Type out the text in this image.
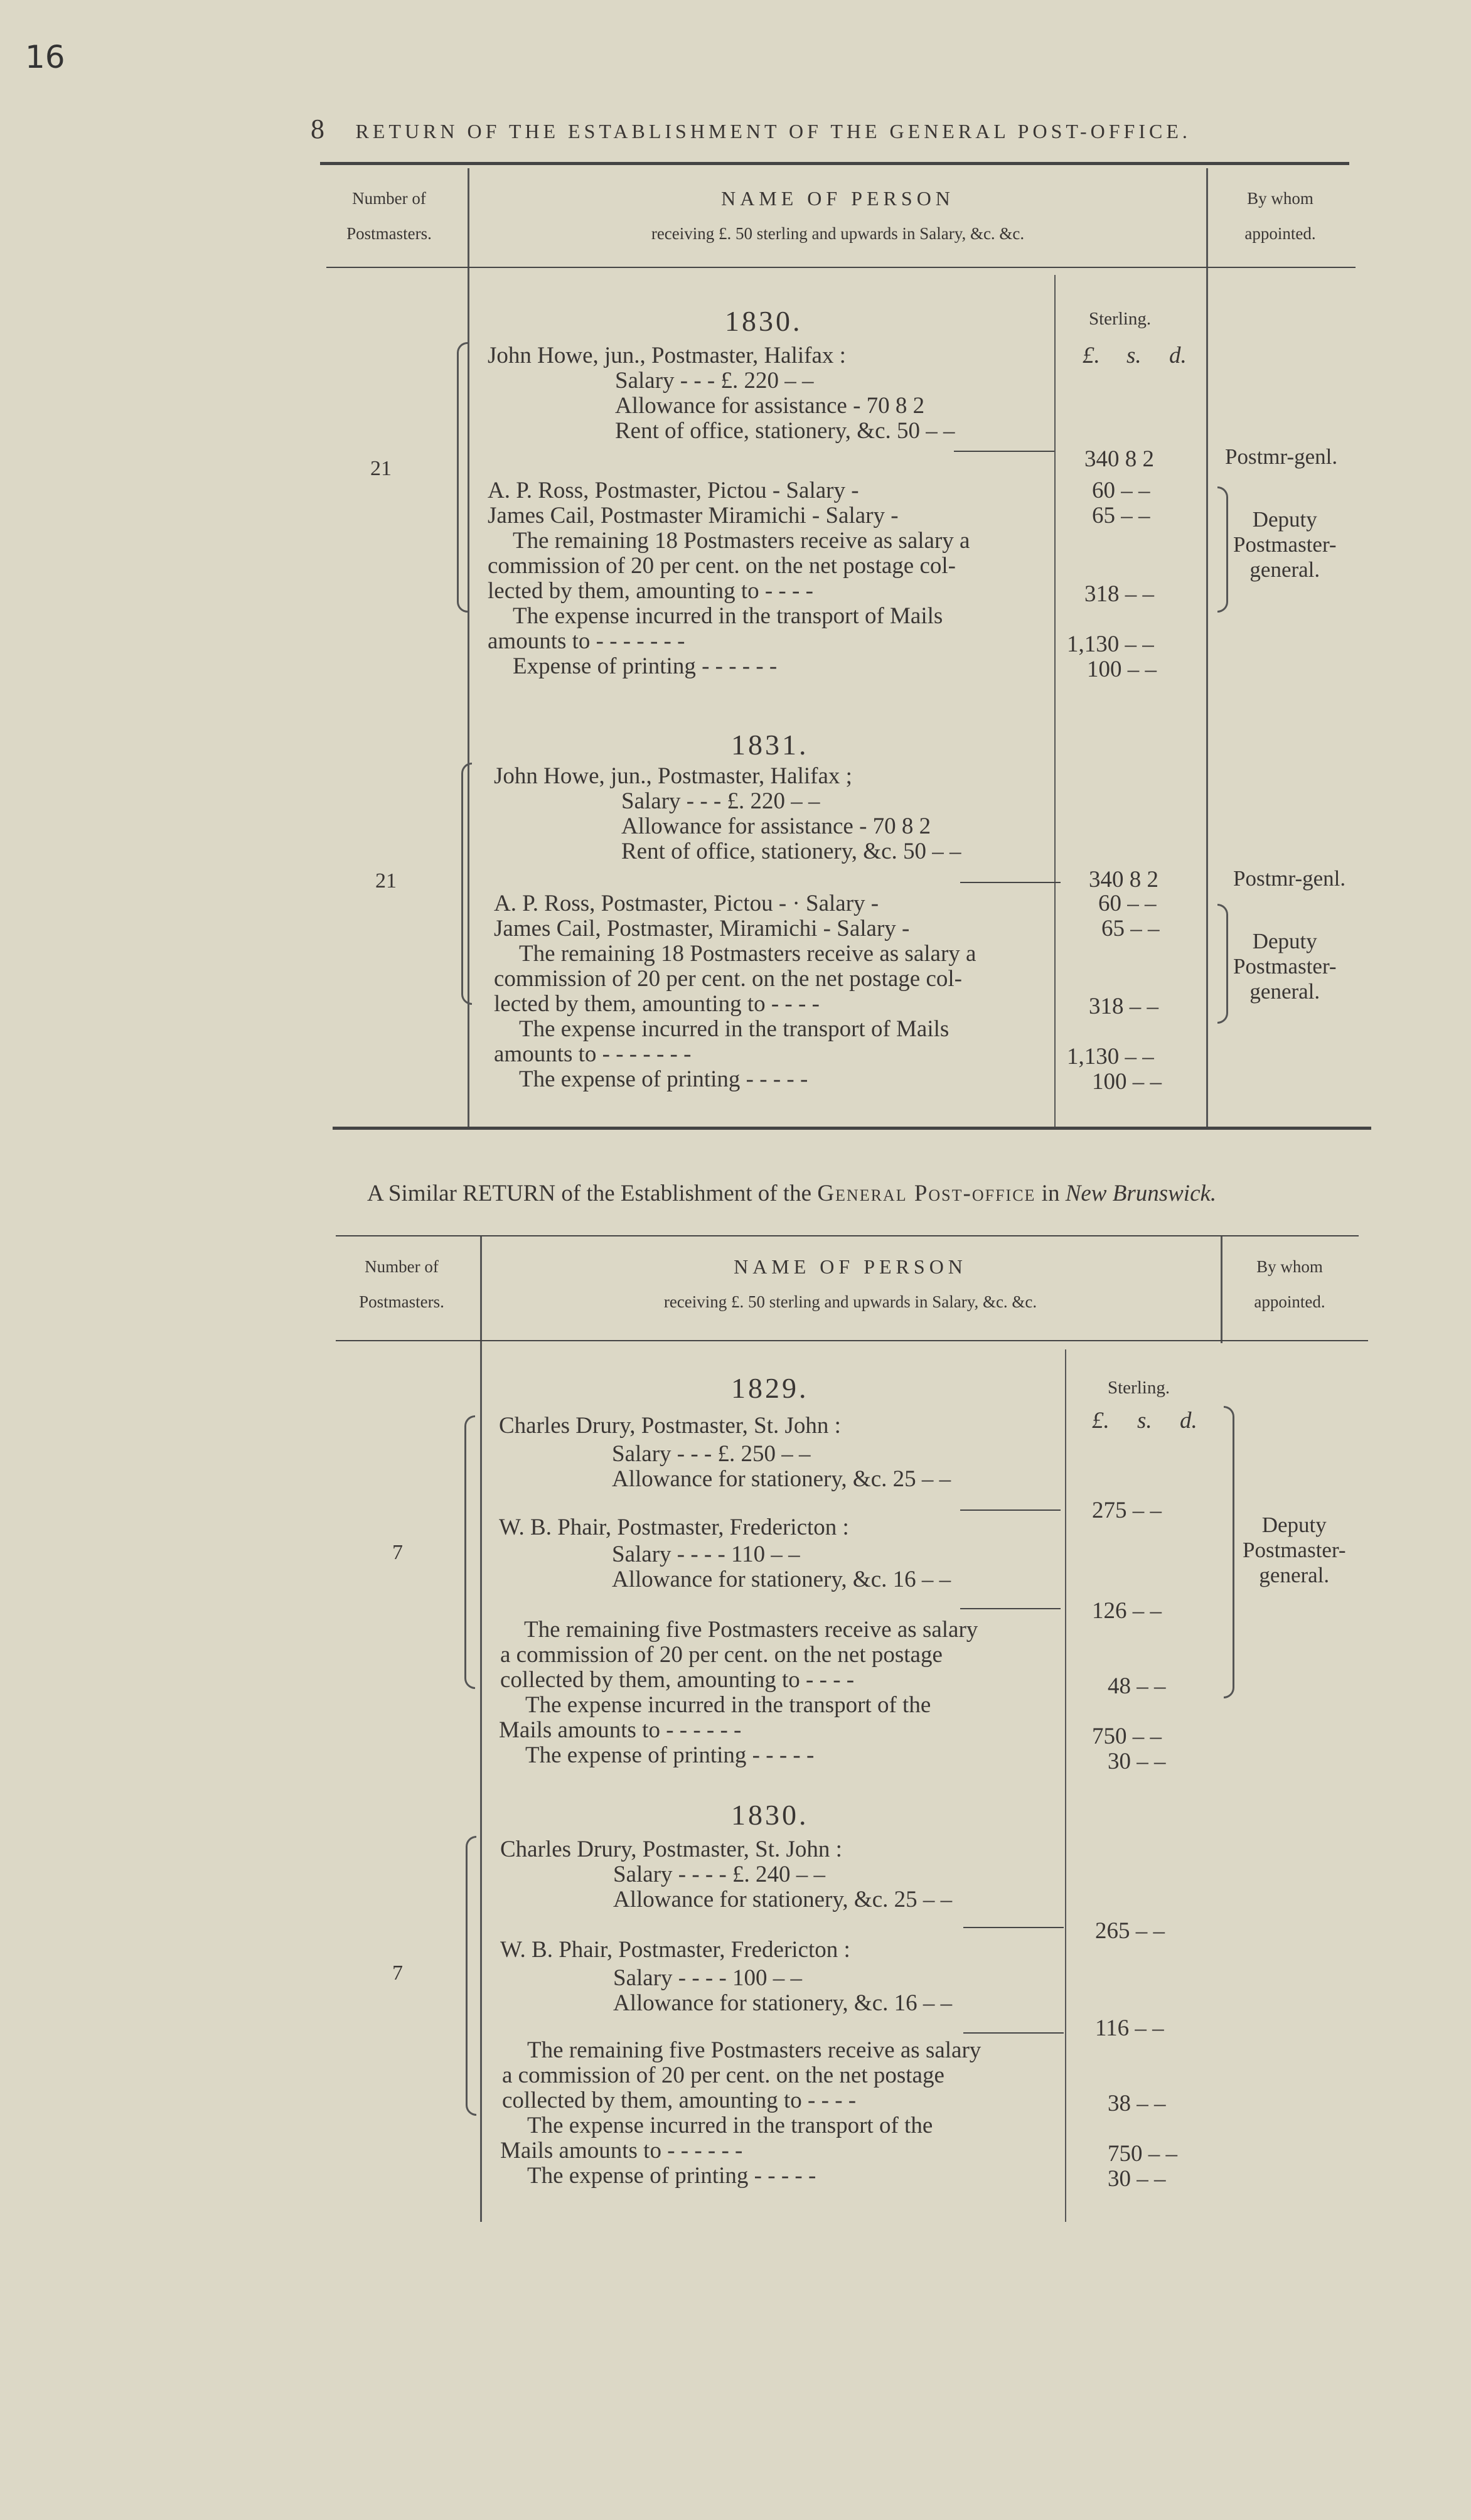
16
8 RETURN OF THE ESTABLISHMENT OF THE GENERAL POST-OFFICE.
Number of
Postmasters.
NAME OF PERSON
receiving £. 50 sterling and upwards in Salary, &c. &c.
By whom
appointed.
1830.	Sterling.
£. s. d.
21
John Howe, jun., Postmaster, Halifax :
Salary - - - £. 220 – –
Allowance for assistance - 70 8 2
Rent of office, stationery, &c. 50 – –
A. P. Ross, Postmaster, Pictou - Salary -
James Cail, Postmaster Miramichi - Salary -
The remaining 18 Postmasters receive as salary a
commission of 20 per cent. on the net postage col-
lected by them, amounting to - - - -
The expense incurred in the transport of Mails
amounts to - - - - - - -
Expense of printing - - - - - -
340 8 2
60 – –
65 – –
318 – –
1,130 – –
100 – –
Postmr-genl.
Deputy
Postmaster-
general.
1831.
21
John Howe, jun., Postmaster, Halifax ;
Salary - - - £. 220 – –
Allowance for assistance - 70 8 2
Rent of office, stationery, &c. 50 – –
A. P. Ross, Postmaster, Pictou - · Salary -
James Cail, Postmaster, Miramichi - Salary -
The remaining 18 Postmasters receive as salary a
commission of 20 per cent. on the net postage col-
lected by them, amounting to - - - -
The expense incurred in the transport of Mails
amounts to - - - - - - -
The expense of printing - - - - -
340 8 2
60 – –
65 – –
318 – –
1,130 – –
100 – –
Postmr-genl.
Deputy
Postmaster-
general.
A Similar RETURN of the Establishment of the General Post-office in New Brunswick.
Number of
Postmasters.
NAME OF PERSON
receiving £. 50 sterling and upwards in Salary, &c. &c.
By whom
appointed.
1829.	Sterling.
£. s. d.
7
Charles Drury, Postmaster, St. John :
Salary - - - £. 250 – –
Allowance for stationery, &c. 25 – –
W. B. Phair, Postmaster, Fredericton :
Salary - - - - 110 – –
Allowance for stationery, &c. 16 – –
The remaining five Postmasters receive as salary
a commission of 20 per cent. on the net postage
collected by them, amounting to - - - -
The expense incurred in the transport of the
Mails amounts to - - - - - -
The expense of printing - - - - -
275 – –
126 – –
48 – –
750 – –
30 – –
Deputy
Postmaster-
general.
1830.
7
Charles Drury, Postmaster, St. John :
Salary - - - - £. 240 – –
Allowance for stationery, &c. 25 – –
W. B. Phair, Postmaster, Fredericton :
Salary - - - - 100 – –
Allowance for stationery, &c. 16 – –
The remaining five Postmasters receive as salary
a commission of 20 per cent. on the net postage
collected by them, amounting to - - - -
The expense incurred in the transport of the
Mails amounts to - - - - - -
The expense of printing - - - - -
265 – –
116 – –
38 – –
750 – –
30 – –
